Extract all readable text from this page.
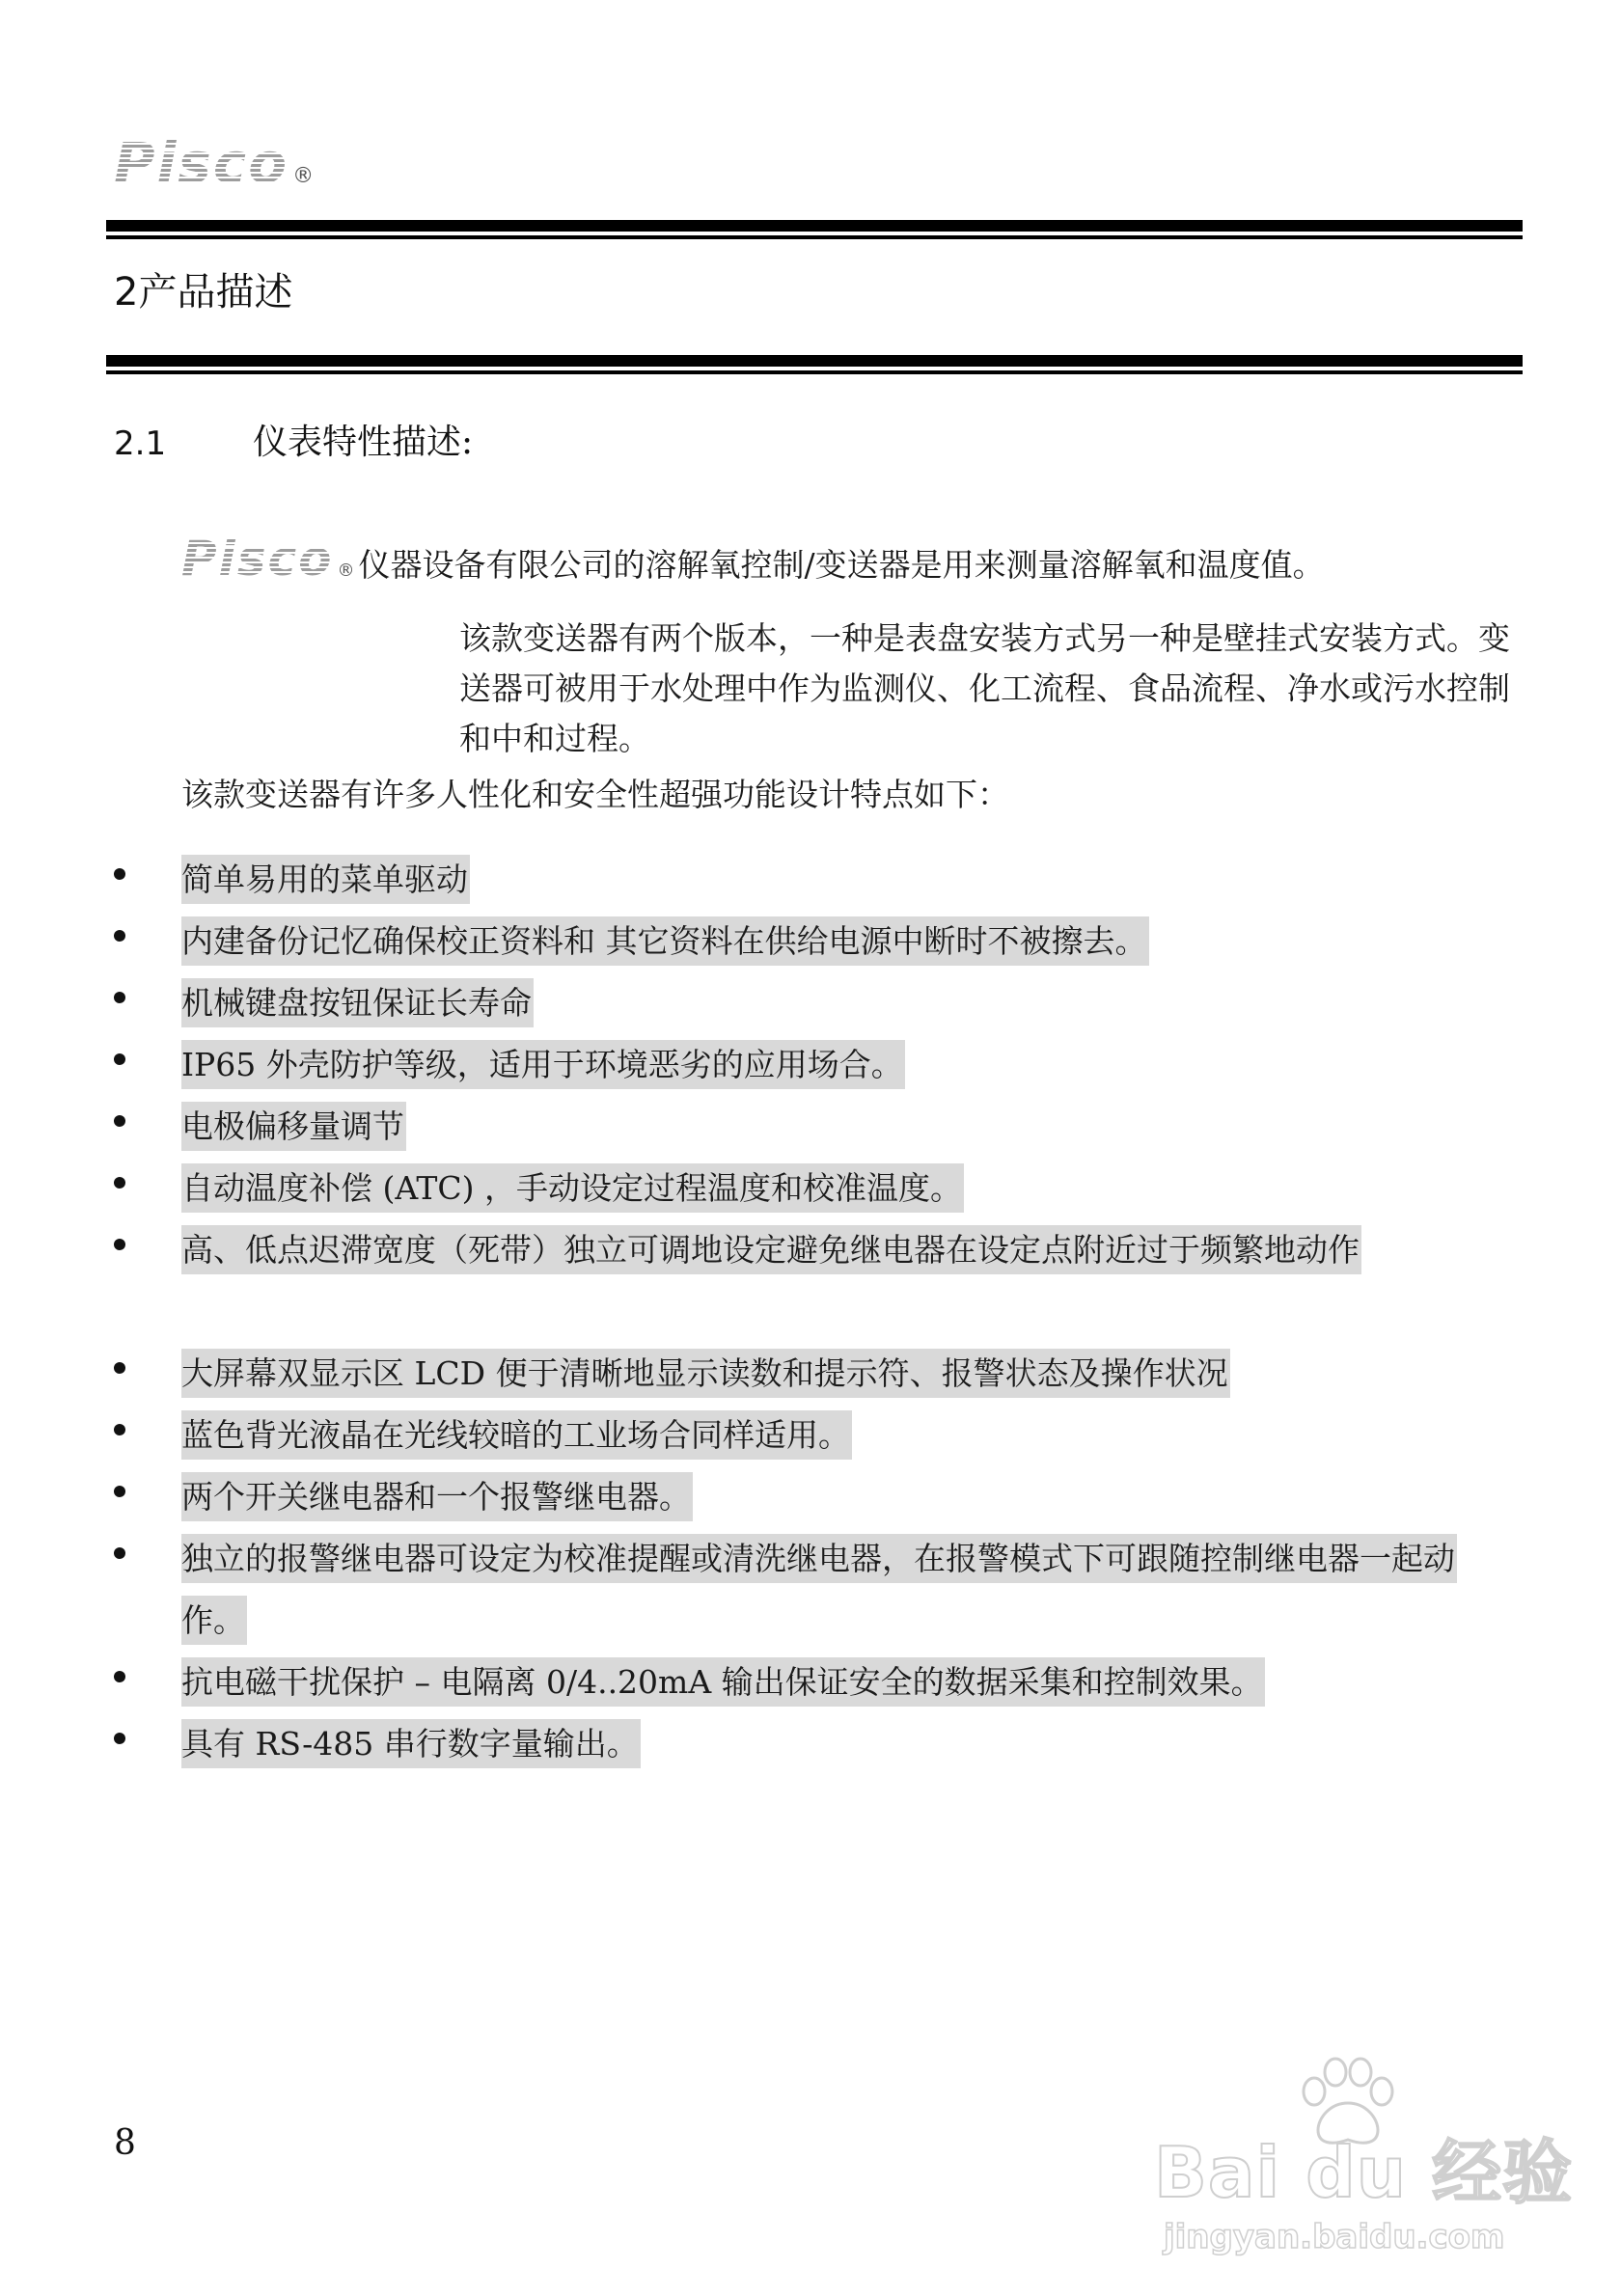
Pisco ®
2产品描述
2.1 仪表特性描述:
Pisco ® 仪器设备有限公司的溶解氧控制/变送器是用来测量溶解氧和温度值。
该款变送器有两个版本，一种是表盘安装方式另一种是壁挂式安装方式。变送器可被用于水处理中作为监测仪、化工流程、食品流程、净水或污水控制和中和过程。
该款变送器有许多人性化和安全性超强功能设计特点如下：
简单易用的菜单驱动
内建备份记忆确保校正资料和 其它资料在供给电源中断时不被擦去。
机械键盘按钮保证长寿命
IP65 外壳防护等级，适用于环境恶劣的应用场合。
电极偏移量调节
自动温度补偿 (ATC) ，手动设定过程温度和校准温度。
高、低点迟滞宽度（死带）独立可调地设定避免继电器在设定点附近过于频繁地动作
大屏幕双显示区 LCD 便于清晰地显示读数和提示符、报警状态及操作状况
蓝色背光液晶在光线较暗的工业场合同样适用。
两个开关继电器和一个报警继电器。
独立的报警继电器可设定为校准提醒或清洗继电器，在报警模式下可跟随控制继电器一起动作。
抗电磁干扰保护 – 电隔离 0/4..20mA 输出保证安全的数据采集和控制效果。
具有 RS-485 串行数字量输出。
8	Bai du 经验
jingyan.baidu.com
